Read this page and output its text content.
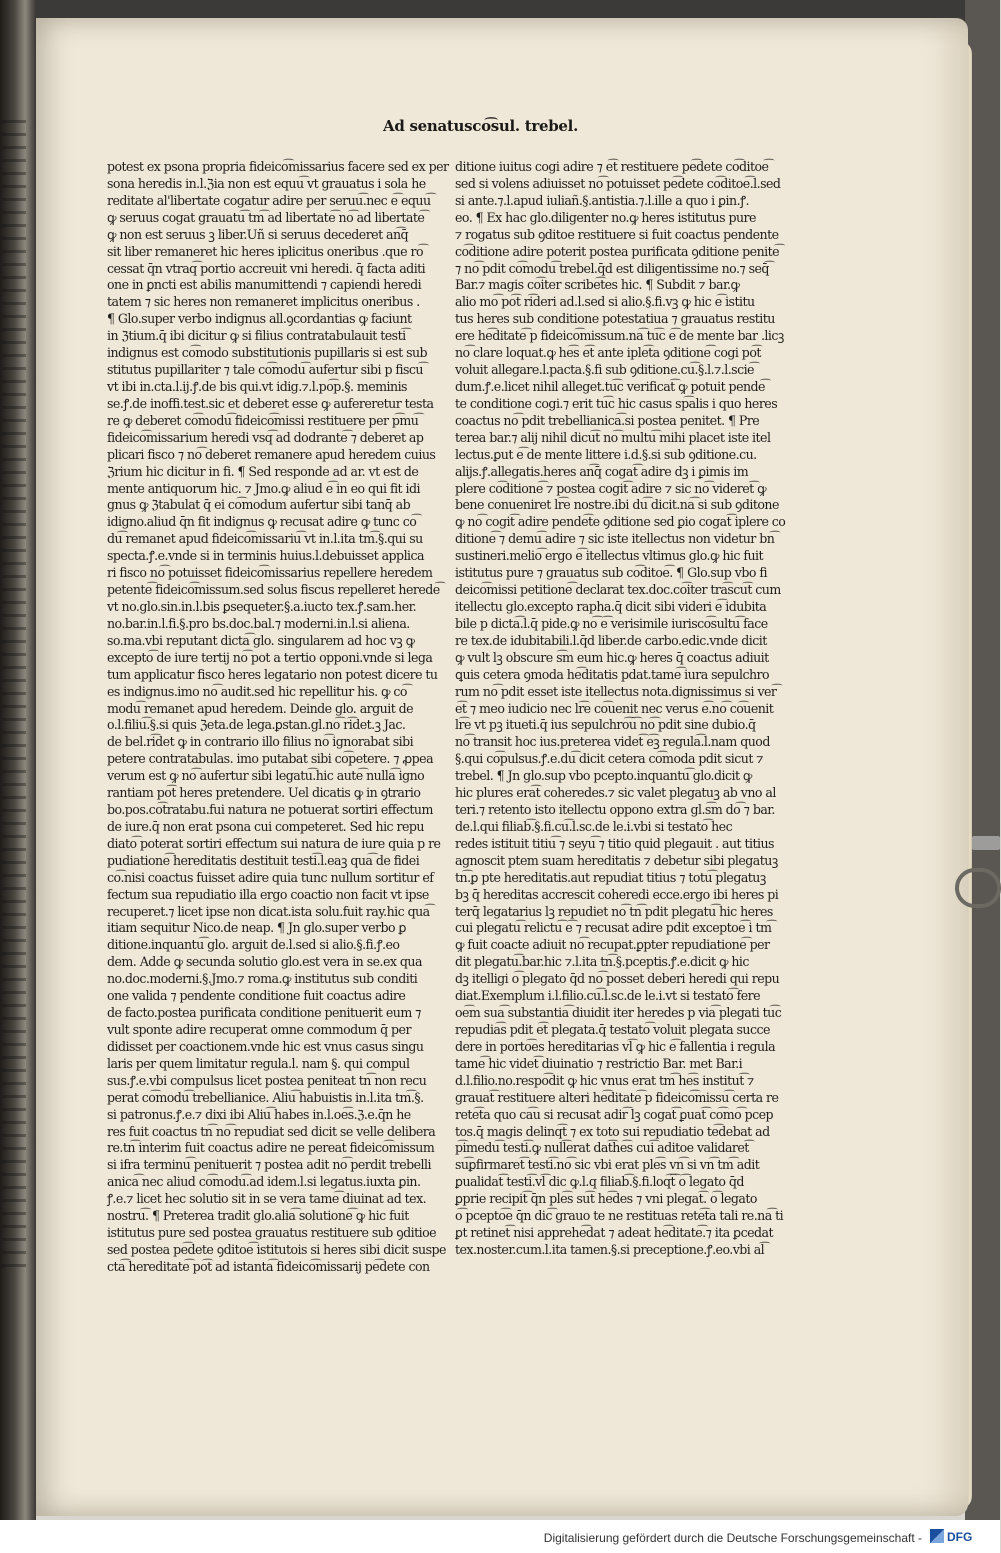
Ad senatusco͡sul. trebel.
potest ex psona propria fideico͡missarius facere sed ex per
sona heredis in.l.ℨia non est equu͡ vt grauatus i sola he
reditate al'libertate cogatur adire per seruu͡.nec e͡ equu͡
ꝙ seruus cogat grauatu͡ tm͡ ad libertate͡ no͡ ad libertate͡
ꝙ non est seruus ꝫ liber.Uñ si seruus decederet an͡q̄
sit liber remaneret hic heres iplicitus oneribus .que ro͡
cessat q̄n vtraq͡ portio accreuit vni heredi. q̄ facta aditi
one in ꝑncti est abilis manumittendi ⁊ capiendi heredi
tatem ⁊ sic heres non remaneret implicitus oneribus .
¶ Glo.super verbo indignus all.ꝯcordantias ꝙ faciunt
in ℨtium.q̄ ibi dicitur ꝙ si filius contratabulauit testi͡
indignus est co͡modo substitutionis pupillaris si est sub
stitutus pupillariter ⁊ tale co͡modu͡ aufertur sibi p fiscu͡
vt ibi in.cta.l.ij.ꝭ.de bis qui.vt idig.⁊.l.po͡p.§. meminis
se.ꝭ.de inoffi.test.sic et deberet esse ꝙ aufereretur testa
re ꝙ deberet co͡modu͡ fideico͡missi restituere per p͡mu͡
fideico͡missarium heredi vsq͡ ad dodrante͡ ⁊ deberet ap
plicari fisco ⁊ no͡ deberet remanere apud heredem cuius
ℨrium hic dicitur in fi. ¶ Sed responde ad ar. vt est de
mente antiquorum hic. ⁊ Jmo.ꝙ aliud e͡ in eo qui fit idi
gnus ꝙ ℨtabulat q̄ ei co͡modum aufertur sibi tanq̄ ab
idigno.aliud q̄n fit indignus ꝙ recusat adire ꝙ tunc co͡
du͡ remanet apud fideico͡missariu͡ vt in.l.ita tm͡.§.qui su
specta.ꝭ.e.vnde si in terminis huius.l.debuisset applica
ri fisco no͡ potuisset fideico͡missarius repellere heredem
petente͡ fideico͡missum.sed solus fiscus repelleret herede͡
vt no.glo.sin.in.l.bis ꝑsequeter.§.a.iucto tex.ꝭ.sam.her.
no.bar.in.l.fi.§.pro bs.doc.bal.⁊ moderni.in.l.si aliena.
so.ma.vbi reputant dicta͡ glo. singularem ad hoc vꝫ ꝙ
excepto͡ de iure tertij no͡ pot a tertio opponi.vnde si lega
tum applicatur fisco heres legatario non potest dicere tu
es indignus.imo no͡ audit.sed hic repellitur his. ꝙ co͡
modu͡ remanet apud heredem. Deinde glo. arguit de
o.l.filiu͡.§.si quis ℨeta.de lega.ꝑstan.gl.no͡ ri͡det.ꝫ Jac.
de bel.ri͡det ꝙ in contrario illo filius no͡ ignorabat sibi
petere contratabulas. imo putabat sibi co͡petere. ⁊ ꝓpea
verum est ꝙ no͡ aufertur sibi legatu͡.hic aute͡ nulla͡ igno
rantiam po͡t heres pretendere. Uel dicatis ꝙ in ꝯtrario
bo.pos.co͡tratabu.fui natura ne potuerat sortiri effectum
de iure.q̄ non erat psona cui competeret. Sed hic repu
diato͡ poterat sortiri effectum sui natura de iure quia p re
pudiatione͡ hereditatis destituit testi͡.l.eaꝫ qua͡ de fidei
co͡.nisi coactus fuisset adire quia tunc nullum sortitur ef
fectum sua repudiatio illa ergo coactio non facit vt ipse
recuperet.⁊ licet ipse non dicat.ista solu.fuit ray.hic qua͡
itiam sequitur Nico.de neap. ¶ Jn glo.super verbo ꝑ
ditione.inquantu͡ glo. arguit de.l.sed si alio.§.fi.ꝭ.eo
dem. Adde ꝙ secunda solutio glo.est vera in se.ex qua
no.doc.moderni.§.Jmo.⁊ roma.ꝙ institutus sub conditi
one valida ⁊ pendente conditione fuit coactus adire
de facto.postea purificata conditione penituerit eum ⁊
vult sponte adire recuperat omne commodum q̄ per
didisset per coactionem.vnde hic est vnus casus singu
laris per quem limitatur regula.l. nam §. qui compul
sus.ꝭ.e.vbi compulsus licet postea peniteat tn͡ non recu
perat co͡modu͡ trebellianice. Aliu͡ habuistis in.l.ita tm͡.§.
si patronus.ꝭ.e.⁊ dixi ibi Aliu͡ habes in.l.oe͡s.ℨ.e.q̄n he
res fuit coactus tn͡ no͡ repudiat sed dicit se velle delibera
re.tn͡ interim fuit coactus adire ne pereat fideico͡missum
si ifra terminu͡ penituerit ⁊ postea adit no͡ perdit trebelli
anica͡ nec aliud co͡modu͡.ad idem.l.si legatus.iuxta ꝑin.
ꝭ.e.⁊ licet hec solutio sit in se vera tame͡ diuinat ad tex.
nostru͡. ¶ Preterea tradit glo.alia͡ solutione͡ ꝙ hic fuit
istitutus pure sed postea grauatus restituere sub ꝯditioe
sed postea pe͡dete ꝯditoe͡ istitutois si heres sibi dicit suspe
cta͡ hereditate͡ po͡t ad istanta͡ fideico͡missarij pe͡dete con
ditione iuitus cogi adire ⁊ e͡t restituere pe͡dete co͡ditoe͡
sed si volens adiuisset no͡ potuisset pe͡dete co͡ditoe͡.l.sed
si ante.⁊.l.apud iuliañ.§.antistia.⁊.l.ille a quo i ꝑin.ꝭ.
eo. ¶ Ex hac glo.diligenter no.ꝙ heres istitutus pure
⁊ rogatus sub ꝯditoe restituere si fuit coactus pendente
co͡ditione adire poterit postea purificata ꝯditione penite͡
⁊ no͡ pdit co͡modu͡ trebel.q̄d est diligentissime no.⁊ seq̄͡
Bar.⁊ magis co͡iter scribe͡tes hic. ¶ Subdit ⁊ bar.ꝙ
alio mo͡ po͡t ri͡deri ad.l.sed si alio.§.fi.vꝫ ꝙ hic e͡ istitu
tus heres sub conditione potestatiua ⁊ grauatus restitu
ere he͡ditate͡ p fideico͡missum.na͡ tu͡c e͡ de mente bar .licꝫ
no͡ clare loquat.ꝙ he͡s e͡t ante iple͡ta ꝯditione͡ cogi po͡t
voluit allegare.l.pacta.§.fi sub ꝯditione.cu͡.§.l.⁊.l.scie͡
dum.ꝭ.e.licet nihil alleget.tu͡c verificat͡ ꝙ potuit pende͡
te conditione cogi.⁊ erit tu͡c hic casus sp͡alis i quo heres
coactus no͡ pdit trebellianica͡.si postea penitet. ¶ Pre
terea bar.⁊ alij nihil dicu͡t no͡ multu͡ mihi placet iste itel
lectus.ꝑut e͡ de mente littere i.d.§.si sub ꝯditione.cu.
alijs.ꝭ.allegatis.heres an͡q̄ cogat͡ adire dꝫ i ꝑimis im
plere co͡ditione͡ ⁊ postea cogit͡ adire ⁊ sic no͡ videret͡ ꝙ
bene conueniret lr͡e nostre.ibi du͡ dicit.na͡ si sub ꝯditone
ꝙ no͡ cogit͡ adire pende͡te ꝯditione sed ꝑio cogat͡ iplere co
ditione͡ ⁊ demu͡ adire ⁊ sic iste itellectus non videtur bn͡
sustineri.melio͡ ergo e͡ itellectus vltimus glo.ꝙ hic fuit
istitutus pure ⁊ grauatus sub co͡ditoe͡. ¶ Glo.sup vbo fi
deico͡missi petitione͡ declarat tex.doc.co͡iter tra͡scu͡t cum
itellectu glo.excepto rapha.q̄ dicit sibi videri e͡ idubita
bile p dicta͡.l.q̄ pide.ꝙ no͡ e͡ verisimile iurisco͡sultu͡ face
re tex.de idubitabili.l.q̄d liber.de carbo.edic.vnde dicit
ꝙ vult lꝫ obscure s͡m eum hic.ꝙ heres q̄ coactus adiuit
ꝗuis cetera ꝯmoda he͡ditatis pdat.tame͡ iura sepulchro
rum no͡ pdit esset iste itellectus nota.dignissimus si ver͡
e͡t ⁊ meo iudicio nec lr͡e co͡uenit nec verus e͡.no͡ co͡uenit
lr͡e vt pꝫ itueti.q̄ ius sepulchro͡u͡ no͡ pdit sine dubio.q̄
no͡ transit hoc ius.preterea videt͡ e͡ꝫ regula͡.l.nam quod
§.qui co͡pulsus.ꝭ.e.du͡ dicit cetera co͡moda pdit sicut ⁊
trebel. ¶ Jn glo.sup vbo pcepto.inquantu͡ glo.dicit ꝙ
hic plures era͡t coheredes.⁊ sic valet plegatuꝫ ab vno al
teri.⁊ retento isto itellectu oppono extra gl.s͡m do͡ ⁊ bar.
de.l.qui filiab͡.§.fi.cu͡.l.sc.de le.i.vbi si testato͡ hec
redes istituit titiu͡ ⁊ seyu͡ ⁊ titio quid plegauit . aut titius
agnoscit ptem suam hereditatis ⁊ debetur sibi plegatuꝫ
tn͡.ꝑ pte hereditatis.aut repudiat titius ⁊ totu͡ plegatuꝫ
bꝫ q̄ hereditas accrescit coheredi ecce.ergo ibi heres pi
terq̄ legatarius lꝫ repudiet no͡ tn͡ pdit plegatu͡ hic heres
cui plegatu͡ relictu͡ e͡ ⁊ recusat adire pdit exceptoe͡ i tm͡
ꝙ fuit coacte adiuit no͡ recupat.ꝑpter repudiatione͡ per
dit plegatu͡.bar.hic ⁊.l.ita tn͡.§.pceptis.ꝭ.e.dicit ꝙ hic
dꝫ itelligi o͡ plegato q̄d no͡ posset deberi heredi qui repu
diat.Exemplum i.l.filio.cu͡.l.sc.de le.i.vt si testato͡ fere
oe͡m sua͡ substantia͡ diuidit iter heredes p via͡ plegati tu͡c
repudia͡s pdit e͡t plegata.q̄ testato͡ voluit plegata succe
dere in porto͡es hereditarias vl͡ ꝙ hic e͡ fallentia i regula
tame͡ hic videt͡ diuinatio ⁊ restrictio Bar. met Bar.i
d.l.filio.no.respo͡dit ꝙ hic vnus erat tm͡ he͡s institut͡ ⁊
grauat͡ restituere alteri he͡ditate͡ p fideico͡missu͡ certa re
rete͡ta quo ca͡u si recusat adir͡ lꝫ cogat͡ ꝑuat͡ co͡mo͡ pcep
tos.q̄ magis delinq͡t ⁊ ex toto sui repudiatio te͡debat ad
p͡imedu͡ testi͡.ꝙ null͡erat dat͡he͡s cui͡ aditoe validaret͡
su͡ꝑfirmaret͡ testi͡.no͡ sic vbi erat ple͡s vn͡ si vn͡ tm͡ adit
ꝑualidat͡ testi͡.vl͡ dic ꝙ.l.q filiab͡.§.fi.loq͡t͡ o͡ legato q̄d
ꝑprie recipit͡ q̄n ple͡s su͡t he͡des ⁊ vni plegat͡. o͡ legato
o͡ pcepto͡e q̄n dic͡ grauo te ne restituas rete͡ta tali re.na͡ ti
ꝑt retinet͡ nisi apprehe͡dat ⁊ adeat he͡ditate͡.⁊ ita ꝑcedat
tex.noster.cum.l.ita tamen.§.si preceptione.ꝭ.eo.vbi al͡
Digitalisierung gefördert durch die Deutsche Forschungsgemeinschaft -	DFG
